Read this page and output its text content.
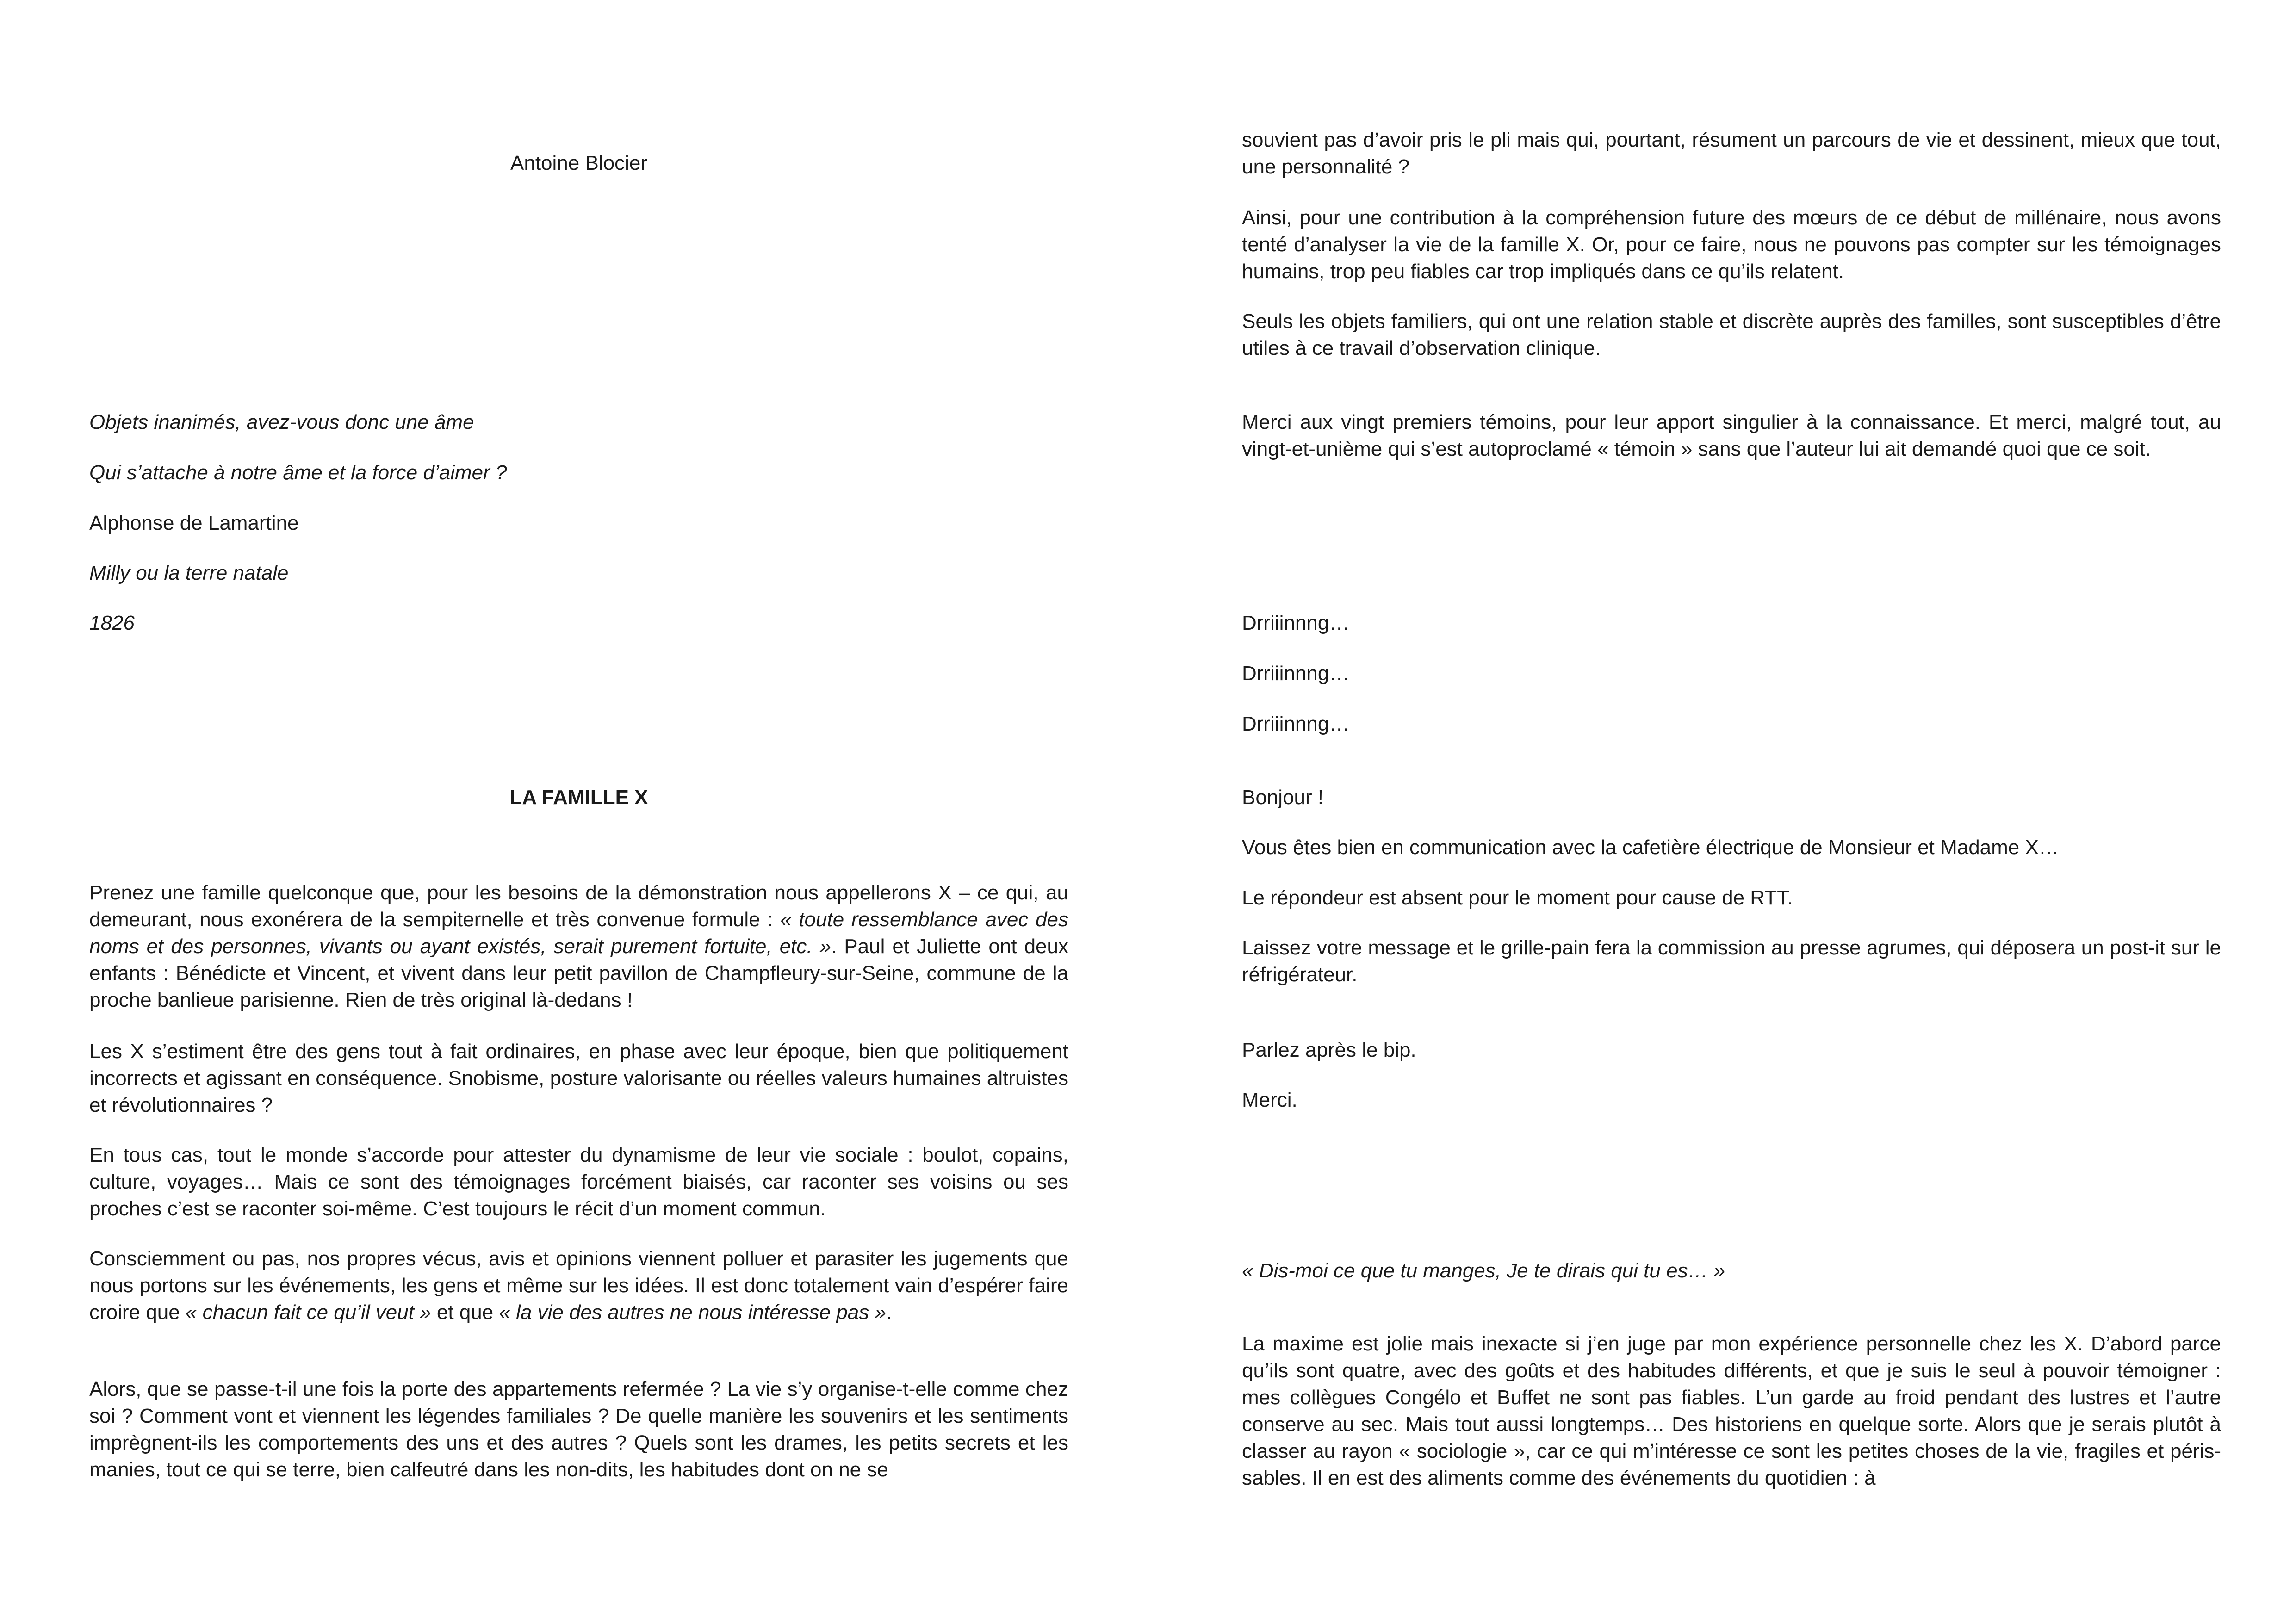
Antoine Blocier

Objets inanimés, avez-vous donc une âme

Qui s’attache à notre âme et la force d’aimer ?

Alphonse de Lamartine

Milly ou la terre natale

1826

LA FAMILLE X

Prenez une famille quelconque que, pour les besoins de la démonstration nous appellerons X – ce qui, au demeurant, nous exonérera de la sempiternelle et très convenue formule : « toute ressemblance avec des noms et des personnes, vivants ou ayant existés, serait purement fortuite, etc. ». Paul et Juliette ont deux enfants : Bénédicte et Vincent, et vivent dans leur petit pavillon de Champfleury-sur-Seine, commune de la proche banlieue parisienne. Rien de très original là-dedans !

Les X s’estiment être des gens tout à fait ordinaires, en phase avec leur époque, bien que politiquement incorrects et agissant en conséquence. Snobisme, posture valorisante ou réelles valeurs humaines altruistes et révolutionnaires ?

En tous cas, tout le monde s’accorde pour attester du dynamisme de leur vie sociale : boulot, copains, culture, voyages… Mais ce sont des témoignages forcément biaisés, car raconter ses voisins ou ses proches c’est se raconter soi-même. C’est toujours le récit d’un moment commun.

Consciemment ou pas, nos propres vécus, avis et opinions viennent polluer et parasiter les jugements que nous portons sur les événements, les gens et même sur les idées. Il est donc totalement vain d’espérer faire croire que « chacun fait ce qu’il veut » et que « la vie des autres ne nous intéresse pas ».

Alors, que se passe-t-il une fois la porte des appartements refermée ? La vie s’y organise-t-elle comme chez soi ? Comment vont et viennent les légendes familiales ? De quelle manière les souvenirs et les sentiments imprègnent-ils les comportements des uns et des autres ? Quels sont les drames, les petits secrets et les manies, tout ce qui se terre, bien calfeutré dans les non-dits, les habitudes dont on ne se

souvient pas d’avoir pris le pli mais qui, pourtant, résument un parcours de vie et dessinent, mieux que tout, une personnalité ?

Ainsi, pour une contribution à la compréhension future des mœurs de ce début de millénaire, nous avons tenté d’analyser la vie de la famille X. Or, pour ce faire, nous ne pouvons pas compter sur les témoignages humains, trop peu fiables car trop impliqués dans ce qu’ils relatent.

Seuls les objets familiers, qui ont une relation stable et discrète auprès des familles, sont susceptibles d’être utiles à ce travail d’observation clinique.

Merci aux vingt premiers témoins, pour leur apport singulier à la connaissance. Et merci, malgré tout, au vingt-et-unième qui s’est autoproclamé « témoin » sans que l’auteur lui ait demandé quoi que ce soit.

Drriiinnng…

Drriiinnng…

Drriiinnng…

Bonjour !

Vous êtes bien en communication avec la cafetière électrique de Monsieur et Madame X…

Le répondeur est absent pour le moment pour cause de RTT.

Laissez votre message et le grille-pain fera la commission au presse agrumes, qui déposera un post-it sur le réfrigérateur.

Parlez après le bip.

Merci.

« Dis-moi ce que tu manges, Je te dirais qui tu es… »

La maxime est jolie mais inexacte si j’en juge par mon expérience personnelle chez les X. D’abord parce qu’ils sont quatre, avec des goûts et des habitudes différents, et que je suis le seul à pouvoir témoigner : mes collègues Congélo et Buffet ne sont pas fiables. L’un garde au froid pendant des lustres et l’autre conserve au sec. Mais tout aussi longtemps… Des historiens en quelque sorte. Alors que je serais plutôt à classer au rayon « sociologie », car ce qui m’intéresse ce sont les petites choses de la vie, fragiles et péris-sables. Il en est des aliments comme des événements du quotidien : à
